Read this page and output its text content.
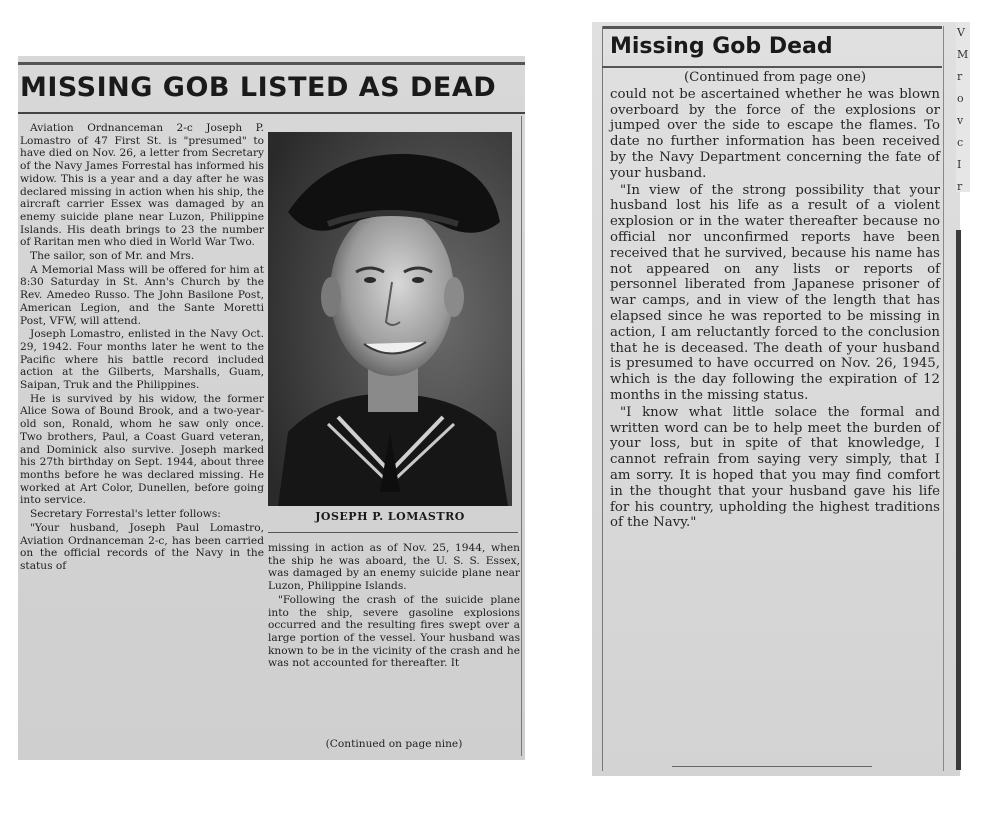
MISSING GOB LISTED AS DEAD

Aviation Ordnanceman 2-c Joseph P. Lomastro of 47 First St. is "presumed" to have died on Nov. 26, a letter from Secretary of the Navy James Forrestal has informed his widow. This is a year and a day after he was declared missing in action when his ship, the aircraft carrier Essex was damaged by an enemy suicide plane near Luzon, Philippine Islands. His death brings to 23 the number of Raritan men who died in World War Two.

The sailor, son of Mr. and Mrs.

A Memorial Mass will be offered for him at 8:30 Saturday in St. Ann's Church by the Rev. Amedeo Russo. The John Basilone Post, American Legion, and the Sante Moretti Post, VFW, will attend.

Joseph Lomastro, enlisted in the Navy Oct. 29, 1942. Four months later he went to the Pacific where his battle record included action at the Gilberts, Marshalls, Guam, Saipan, Truk and the Philippines.

He is survived by his widow, the former Alice Sowa of Bound Brook, and a two-year-old son, Ronald, whom he saw only once. Two brothers, Paul, a Coast Guard veteran, and Dominick also survive. Joseph marked his 27th birthday on Sept. 1944, about three months before he was declared missing. He worked at Art Color, Dunellen, before going into service.

Secretary Forrestal's letter follows:

"Your husband, Joseph Paul Lomastro, Aviation Ordnanceman 2-c, has been carried on the official records of the Navy in the status of

JOSEPH P. LOMASTRO

missing in action as of Nov. 25, 1944, when the ship he was aboard, the U. S. S. Essex, was damaged by an enemy suicide plane near Luzon, Philippine Islands.

"Following the crash of the suicide plane into the ship, severe gasoline explosions occurred and the resulting fires swept over a large portion of the vessel. Your husband was known to be in the vicinity of the crash and he was not accounted for thereafter. It

(Continued on page nine)
Missing Gob Dead

(Continued from page one)

could not be ascertained whether he was blown overboard by the force of the explosions or jumped over the side to escape the flames. To date no further information has been received by the Navy Department concerning the fate of your husband.

"In view of the strong possibility that your husband lost his life as a result of a violent explosion or in the water thereafter because no official nor unconfirmed reports have been received that he survived, because his name has not appeared on any lists or reports of personnel liberated from Japanese prisoner of war camps, and in view of the length that has elapsed since he was reported to be missing in action, I am reluctantly forced to the conclusion that he is deceased. The death of your husband is presumed to have occurred on Nov. 26, 1945, which is the day following the expiration of 12 months in the missing status.

"I know what little solace the formal and written word can be to help meet the burden of your loss, but in spite of that knowledge, I cannot refrain from saying very simply, that I am sorry. It is hoped that you may find comfort in the thought that your husband gave his life for his country, upholding the highest traditions of the Navy."

V
M
r
o
v
c
I
r
